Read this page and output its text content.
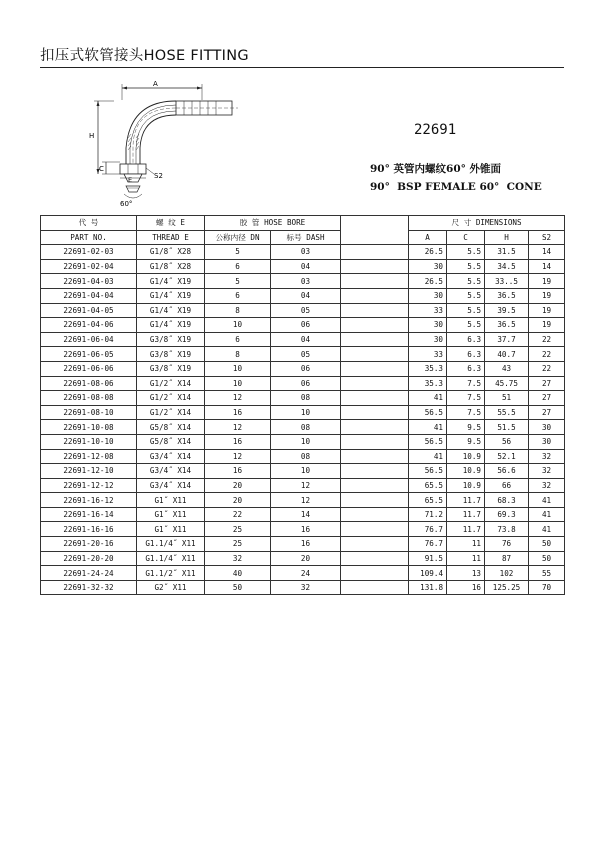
扣压式软管接头HOSE FITTING
A
H
C
E	S2
60°
22691
90° 英管内螺纹60° 外锥面
90°  BSP FEMALE 60°  CONE
代 号	螺 纹 E	胶 管 HOSE BORE			尺 寸 DIMENSIONS			
PART NO.	THREAD E	公称内径 DN	标号 DASH		A	C	H	S2
22691-02-03	G1/8˝ X28	5	03		26.5	5.5	31.5	14
22691-02-04	G1/8˝ X28	6	04		30	5.5	34.5	14
22691-04-03	G1/4˝ X19	5	03		26.5	5.5	33..5	19
22691-04-04	G1/4˝ X19	6	04		30	5.5	36.5	19
22691-04-05	G1/4˝ X19	8	05		33	5.5	39.5	19
22691-04-06	G1/4˝ X19	10	06		30	5.5	36.5	19
22691-06-04	G3/8˝ X19	6	04		30	6.3	37.7	22
22691-06-05	G3/8˝ X19	8	05		33	6.3	40.7	22
22691-06-06	G3/8˝ X19	10	06		35.3	6.3	43	22
22691-08-06	G1/2˝ X14	10	06		35.3	7.5	45.75	27
22691-08-08	G1/2˝ X14	12	08		41	7.5	51	27
22691-08-10	G1/2˝ X14	16	10		56.5	7.5	55.5	27
22691-10-08	G5/8˝ X14	12	08		41	9.5	51.5	30
22691-10-10	G5/8˝ X14	16	10		56.5	9.5	56	30
22691-12-08	G3/4˝ X14	12	08		41	10.9	52.1	32
22691-12-10	G3/4˝ X14	16	10		56.5	10.9	56.6	32
22691-12-12	G3/4˝ X14	20	12		65.5	10.9	66	32
22691-16-12	G1˝ X11	20	12		65.5	11.7	68.3	41
22691-16-14	G1˝ X11	22	14		71.2	11.7	69.3	41
22691-16-16	G1˝ X11	25	16		76.7	11.7	73.8	41
22691-20-16	G1.1/4˝ X11	25	16		76.7	11	76	50
22691-20-20	G1.1/4˝ X11	32	20		91.5	11	87	50
22691-24-24	G1.1/2˝ X11	40	24		109.4	13	102	55
22691-32-32	G2˝ X11	50	32		131.8	16	125.25	70
